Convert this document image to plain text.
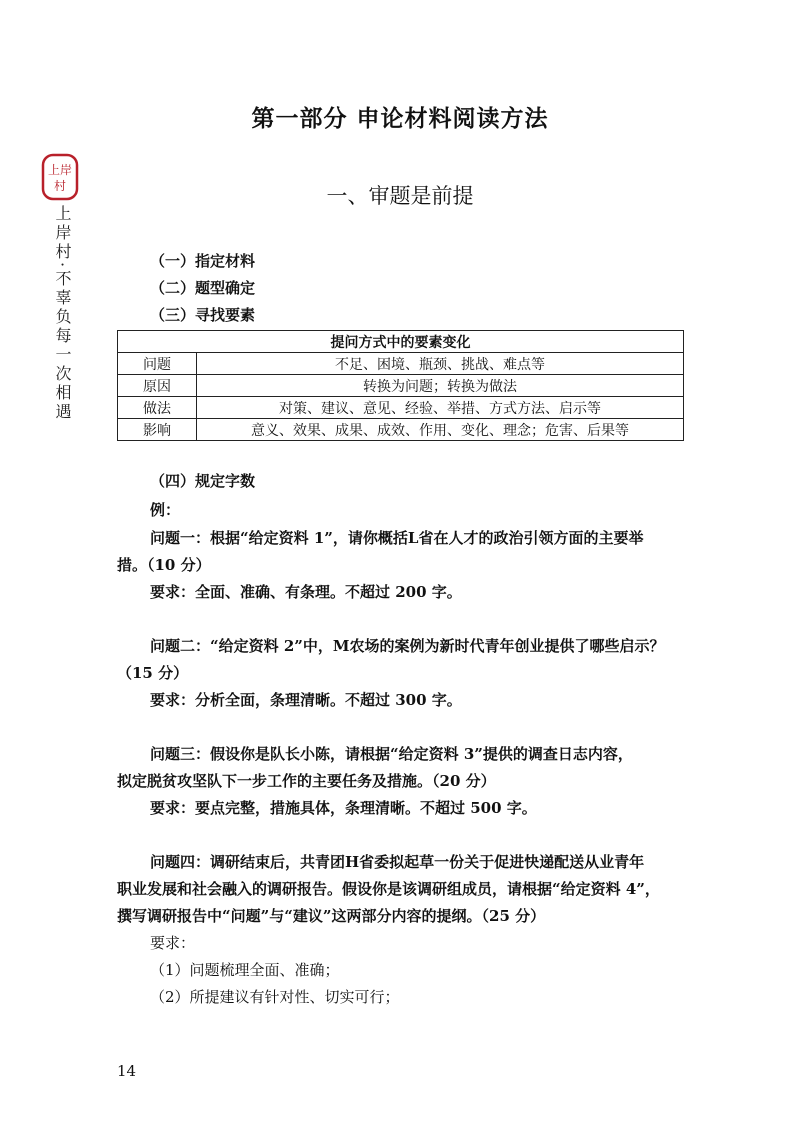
第一部分 申论材料阅读方法
一、审题是前提
上岸
村
上岸村·不辜负每一次相遇	（一）指定材料
（二）题型确定
（三）寻找要素
提问方式中的要素变化	
问题	不足、困境、瓶颈、挑战、难点等
原因	转换为问题；转换为做法
做法	对策、建议、意见、经验、举措、方式方法、启示等
影响	意义、效果、成果、成效、作用、变化、理念；危害、后果等
（四）规定字数
例：
问题一：根据“给定资料 1”，请你概括L省在人才的政治引领方面的主要举
措。（10 分）
要求：全面、准确、有条理。不超过 200 字。
问题二：“给定资料 2”中，M农场的案例为新时代青年创业提供了哪些启示？
（15 分）
要求：分析全面，条理清晰。不超过 300 字。
问题三：假设你是队长小陈，请根据“给定资料 3”提供的调查日志内容，
拟定脱贫攻坚队下一步工作的主要任务及措施。（20 分）
要求：要点完整，措施具体，条理清晰。不超过 500 字。
问题四：调研结束后，共青团H省委拟起草一份关于促进快递配送从业青年
职业发展和社会融入的调研报告。假设你是该调研组成员，请根据“给定资料 4”，
撰写调研报告中“问题”与“建议”这两部分内容的提纲。（25 分）
要求：
（1）问题梳理全面、准确；
（2）所提建议有针对性、切实可行；
14
